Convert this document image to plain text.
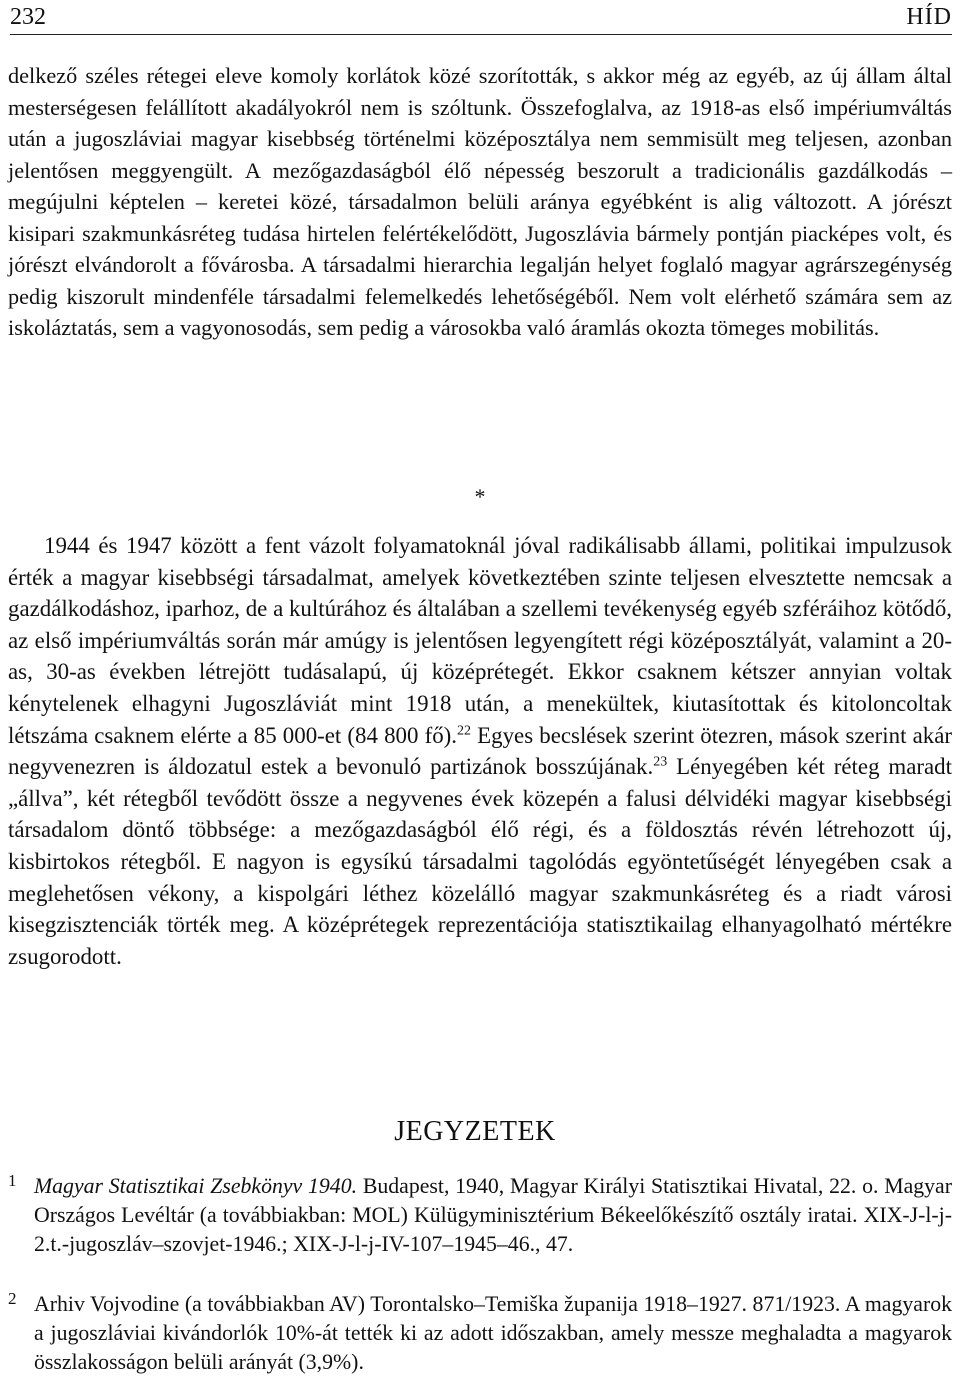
232	HÍD

delkező széles rétegei eleve komoly korlátok közé szorították, s akkor még az egyéb, az új állam által mesterségesen felállított akadályokról nem is szóltunk. Összefoglalva, az 1918-as első impériumváltás után a jugoszláviai magyar kisebbség történelmi középosztálya nem semmisült meg teljesen, azonban jelentősen meggyengült. A mezőgazdaságból élő népesség beszorult a tradicionális gazdálkodás – megújulni képtelen – keretei közé, társadalmon belüli aránya egyébként is alig változott. A jórészt kisipari szakmunkásréteg tudása hirtelen felértékelődött, Jugoszlávia bármely pontján piacképes volt, és jórészt elvándorolt a fővárosba. A társadalmi hierarchia legalján helyet foglaló magyar agrárszegénység pedig kiszorult mindenféle társadalmi felemelkedés lehetőségéből. Nem volt elérhető számára sem az iskoláztatás, sem a vagyonosodás, sem pedig a városokba való áramlás okozta tömeges mobilitás.

*

1944 és 1947 között a fent vázolt folyamatoknál jóval radikálisabb állami, politikai impulzusok érték a magyar kisebbségi társadalmat, amelyek következtében szinte teljesen elvesztette nemcsak a gazdálkodáshoz, iparhoz, de a kultúrához és általában a szellemi tevékenység egyéb szféráihoz kötődő, az első impériumváltás során már amúgy is jelentősen legyengített régi középosztályát, valamint a 20-as, 30-as években létrejött tudásalapú, új középrétegét. Ekkor csaknem kétszer annyian voltak kénytelenek elhagyni Jugoszláviát mint 1918 után, a menekültek, kiutasítottak és kitoloncoltak létszáma csaknem elérte a 85 000-et (84 800 fő).$^{22}$ Egyes becslések szerint ötezren, mások szerint akár negyvenezren is áldozatul estek a bevonuló partizánok bosszújának.$^{23}$ Lényegében két réteg maradt „állva”, két rétegből tevődött össze a negyvenes évek közepén a falusi délvidéki magyar kisebbségi társadalom döntő többsége: a mezőgazdaságból élő régi, és a földosztás révén létrehozott új, kisbirtokos rétegből. E nagyon is egysíkú társadalmi tagolódás egyöntetűségét lényegében csak a meglehetősen vékony, a kispolgári léthez közelálló magyar szakmunkásréteg és a riadt városi kisegzisztenciák törték meg. A középrétegek reprezentációja statisztikailag elhanyagolható mértékre zsugorodott.

JEGYZETEK
1 Magyar Statisztikai Zsebkönyv 1940. Budapest, 1940, Magyar Királyi Statisztikai Hivatal, 22. o. Magyar Országos Levéltár (a továbbiakban: MOL) Külügyminisztérium Békeelőkészítő osztály iratai. XIX-J-l-j-2.t.-jugoszláv–szovjet-1946.; XIX-J-l-j-IV-107–1945–46., 47.
2 Arhiv Vojvodine (a továbbiakban AV) Torontalsko–Temiška županija 1918–1927. 871/1923. A magyarok a jugoszláviai kivándorlók 10%-át tették ki az adott időszakban, amely messze meghaladta a magyarok összlakosságon belüli arányát (3,9%).
